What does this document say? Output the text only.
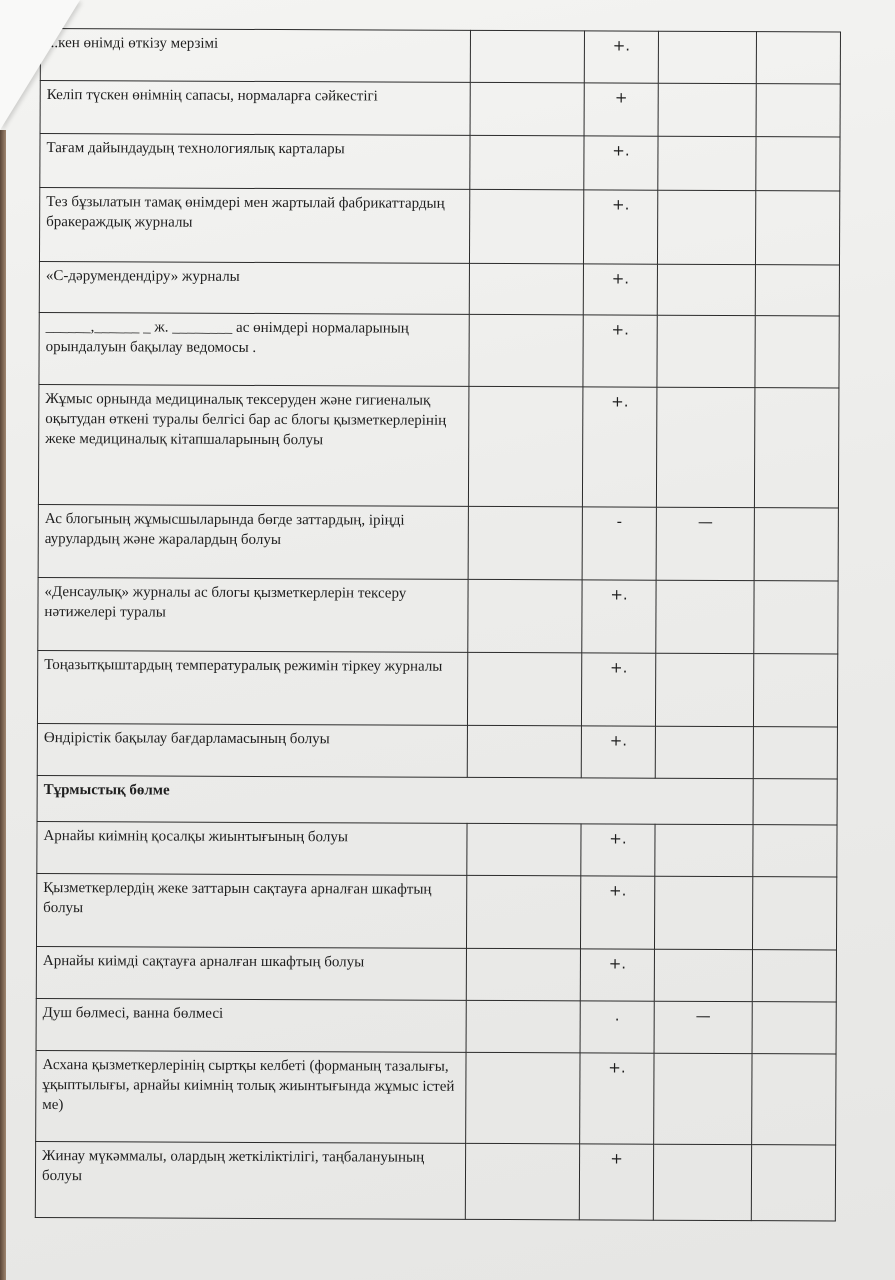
...кен өнімді өткізу мерзімі		+.		
Келіп түскен өнімнің сапасы, нормаларға сәйкестігі		+		
Тағам дайындаудың технологиялық карталары		+.		
Тез бұзылатын тамақ өнімдері мен жартылай фабрикаттардың бракераждық журналы		+.		
«С-дәрумендендіру» журналы		+.		
______,______ _ ж. ________ ас өнімдері нормаларының орындалуын бақылау ведомосы .		+.		
Жұмыс орнында медициналық тексеруден және гигиеналық оқытудан өткені туралы белгісі бар ас блогы қызметкерлерінің жеке медициналық кітапшаларының болуы		+.		
Ас блогының жұмысшыларында бөгде заттардың, іріңді аурулардың және жаралардың болуы		-	—	
«Денсаулық» журналы ас блогы қызметкерлерін тексеру нәтижелері туралы		+.		
Тоңазытқыштардың температуралық режимін тіркеу журналы		+.		
Өндірістік бақылау бағдарламасының болуы		+.		
Тұрмыстық бөлме				
Арнайы киімнің қосалқы жиынтығының болуы		+.		
Қызметкерлердің жеке заттарын сақтауға арналған шкафтың болуы		+.		
Арнайы киімді сақтауға арналған шкафтың болуы		+.		
Душ бөлмесі, ванна бөлмесі		.	—	
Асхана қызметкерлерінің сыртқы келбеті (форманың тазалығы, ұқыптылығы, арнайы киімнің толық жиынтығында жұмыс істей ме)		+.		
Жинау мүкәммалы, олардың жеткіліктілігі, таңбалануының болуы		+		
